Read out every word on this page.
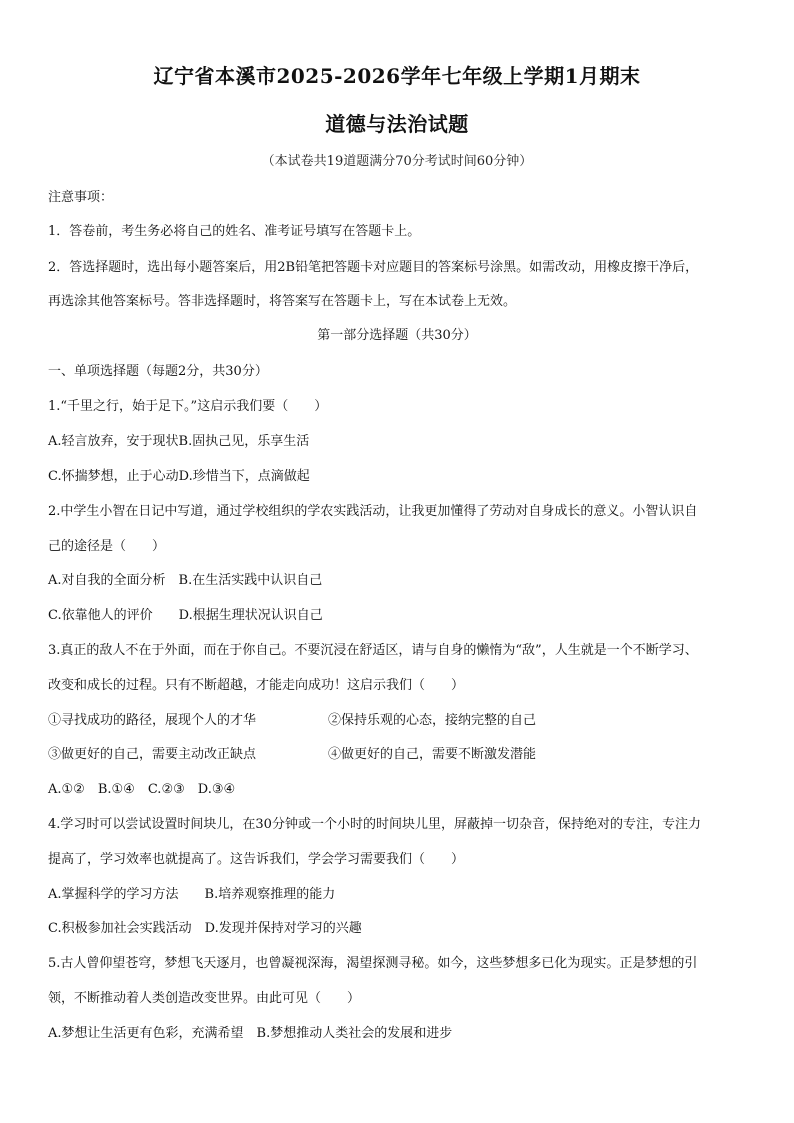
辽宁省本溪市2025-2026学年七年级上学期1月期末
道德与法治试题
（本试卷共19道题满分70分考试时间60分钟）
注意事项：
1．答卷前，考生务必将自己的姓名、准考证号填写在答题卡上。
2．答选择题时，选出每小题答案后，用2B铅笔把答题卡对应题目的答案标号涂黑。如需改动，用橡皮擦干净后，
再选涂其他答案标号。答非选择题时，将答案写在答题卡上，写在本试卷上无效。
第一部分选择题（共30分）
一、单项选择题（每题2分，共30分）
1.“千里之行，始于足下。”这启示我们要（　　）
A.轻言放弃，安于现状B.固执己见，乐享生活
C.怀揣梦想，止于心动D.珍惜当下，点滴做起
2.中学生小智在日记中写道，通过学校组织的学农实践活动，让我更加懂得了劳动对自身成长的意义。小智认识自
己的途径是（　　）
A.对自我的全面分析　B.在生活实践中认识自己
C.依靠他人的评价　　D.根据生理状况认识自己
3.真正的敌人不在于外面，而在于你自己。不要沉浸在舒适区，请与自身的懒惰为“敌”，人生就是一个不断学习、
改变和成长的过程。只有不断超越，才能走向成功！这启示我们（　　）
①寻找成功的路径，展现个人的才华	②保持乐观的心态，接纳完整的自己
③做更好的自己，需要主动改正缺点	④做更好的自己，需要不断激发潜能
A.①②　B.①④　C.②③　D.③④
4.学习时可以尝试设置时间块儿，在30分钟或一个小时的时间块儿里，屏蔽掉一切杂音，保持绝对的专注，专注力
提高了，学习效率也就提高了。这告诉我们，学会学习需要我们（　　）
A.掌握科学的学习方法　　B.培养观察推理的能力
C.积极参加社会实践活动　D.发现并保持对学习的兴趣
5.古人曾仰望苍穹，梦想飞天逐月，也曾凝视深海，渴望探测寻秘。如今，这些梦想多已化为现实。正是梦想的引
领，不断推动着人类创造改变世界。由此可见（　　）
A.梦想让生活更有色彩，充满希望　B.梦想推动人类社会的发展和进步
